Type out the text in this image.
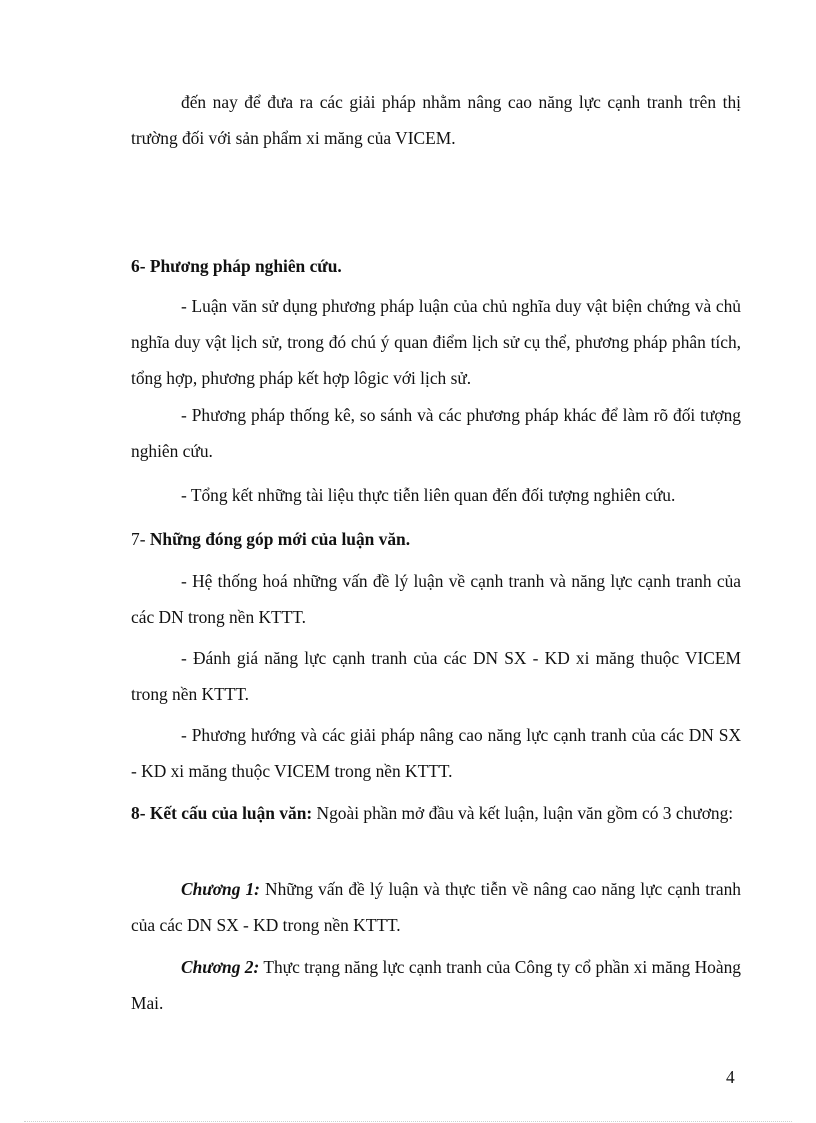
đến nay để đưa ra các giải pháp nhằm nâng cao năng lực cạnh tranh trên thị trường đối với sản phẩm xi măng của VICEM.

6- Phương pháp nghiên cứu.

- Luận văn sử dụng phương pháp luận của chủ nghĩa duy vật biện chứng và chủ nghĩa duy vật lịch sử, trong đó chú ý quan điểm lịch sử cụ thể, phương pháp phân tích, tổng hợp, phương pháp kết hợp lôgic với lịch sử.

- Phương pháp thống kê, so sánh và các phương pháp khác để làm rõ đối tượng nghiên cứu.

- Tổng kết những tài liệu thực tiễn liên quan đến đối tượng nghiên cứu.

7- Những đóng góp mới của luận văn.

- Hệ thống hoá những vấn đề lý luận về cạnh tranh và năng lực cạnh tranh của các DN trong nền KTTT.

- Đánh giá năng lực cạnh tranh của các DN SX - KD xi măng thuộc VICEM trong nền KTTT.

- Phương hướng và các giải pháp nâng cao năng lực cạnh tranh của các DN SX - KD xi măng thuộc VICEM trong nền KTTT.

8- Kết cấu của luận văn: Ngoài phần mở đầu và kết luận, luận văn gồm có 3 chương:

Chương 1: Những vấn đề lý luận và thực tiễn về nâng cao năng lực cạnh tranh của các DN SX - KD trong nền KTTT.

Chương 2: Thực trạng năng lực cạnh tranh của Công ty cổ phần xi măng Hoàng Mai.

4
